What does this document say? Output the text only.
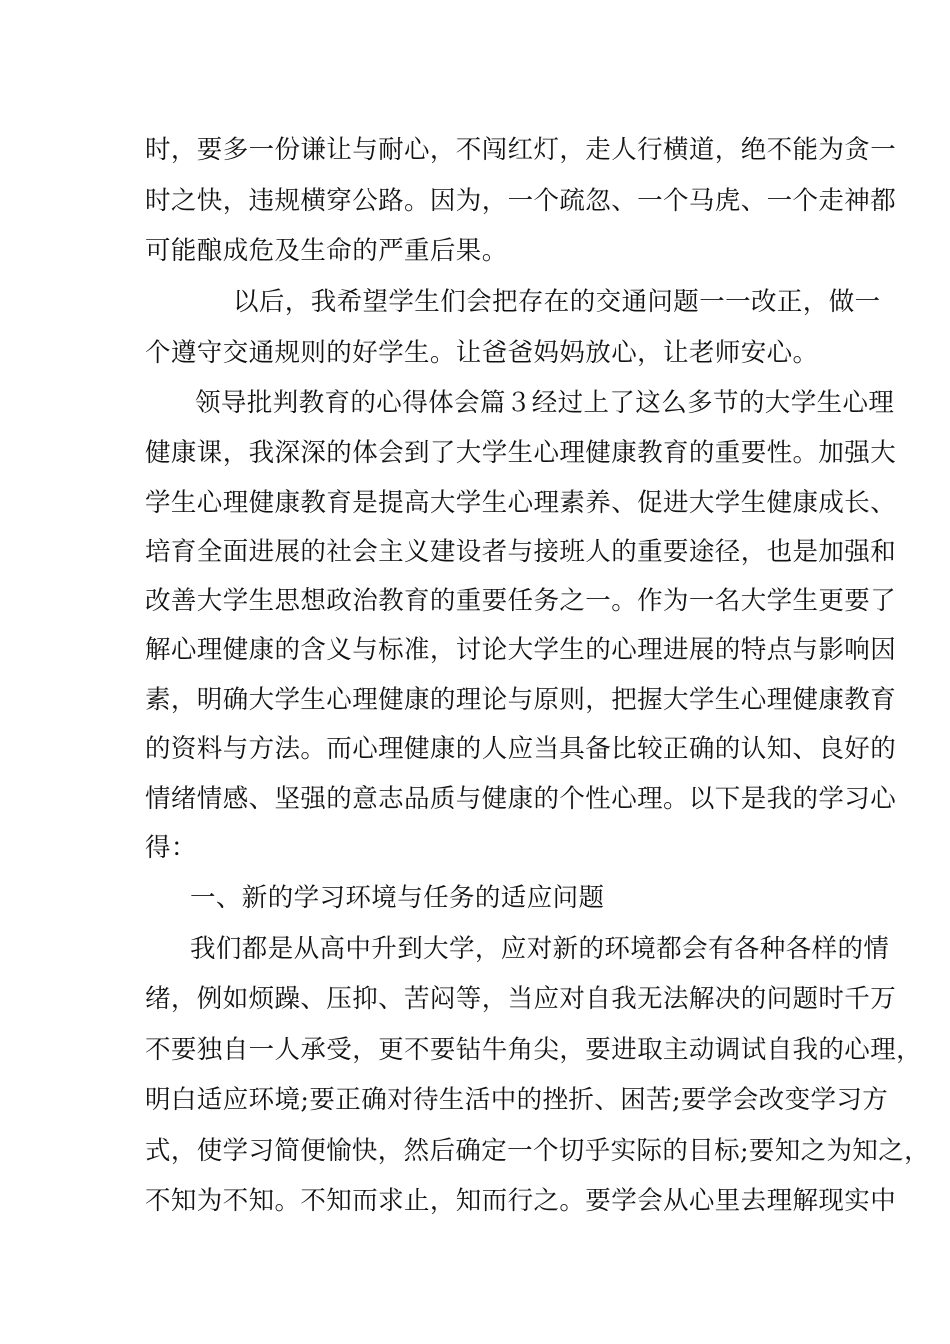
时，要多一份谦让与耐心，不闯红灯，走人行横道，绝不能为贪一
时之快，违规横穿公路。因为，一个疏忽、一个马虎、一个走神都
可能酿成危及生命的严重后果。
以后，我希望学生们会把存在的交通问题一一改正，做一
个遵守交通规则的好学生。让爸爸妈妈放心，让老师安心。
领导批判教育的心得体会篇３经过上了这么多节的大学生心理
健康课，我深深的体会到了大学生心理健康教育的重要性。加强大
学生心理健康教育是提高大学生心理素养、促进大学生健康成长、
培育全面进展的社会主义建设者与接班人的重要途径，也是加强和
改善大学生思想政治教育的重要任务之一。作为一名大学生更要了
解心理健康的含义与标准，讨论大学生的心理进展的特点与影响因
素，明确大学生心理健康的理论与原则，把握大学生心理健康教育
的资料与方法。而心理健康的人应当具备比较正确的认知、良好的
情绪情感、坚强的意志品质与健康的个性心理。以下是我的学习心
得：
一、新的学习环境与任务的适应问题
我们都是从高中升到大学，应对新的环境都会有各种各样的情
绪，例如烦躁、压抑、苦闷等，当应对自我无法解决的问题时千万
不要独自一人承受，更不要钻牛角尖，要进取主动调试自我的心理，
明白适应环境;要正确对待生活中的挫折、困苦;要学会改变学习方
式，使学习简便愉快，然后确定一个切乎实际的目标;要知之为知之，
不知为不知。不知而求止，知而行之。要学会从心里去理解现实中
